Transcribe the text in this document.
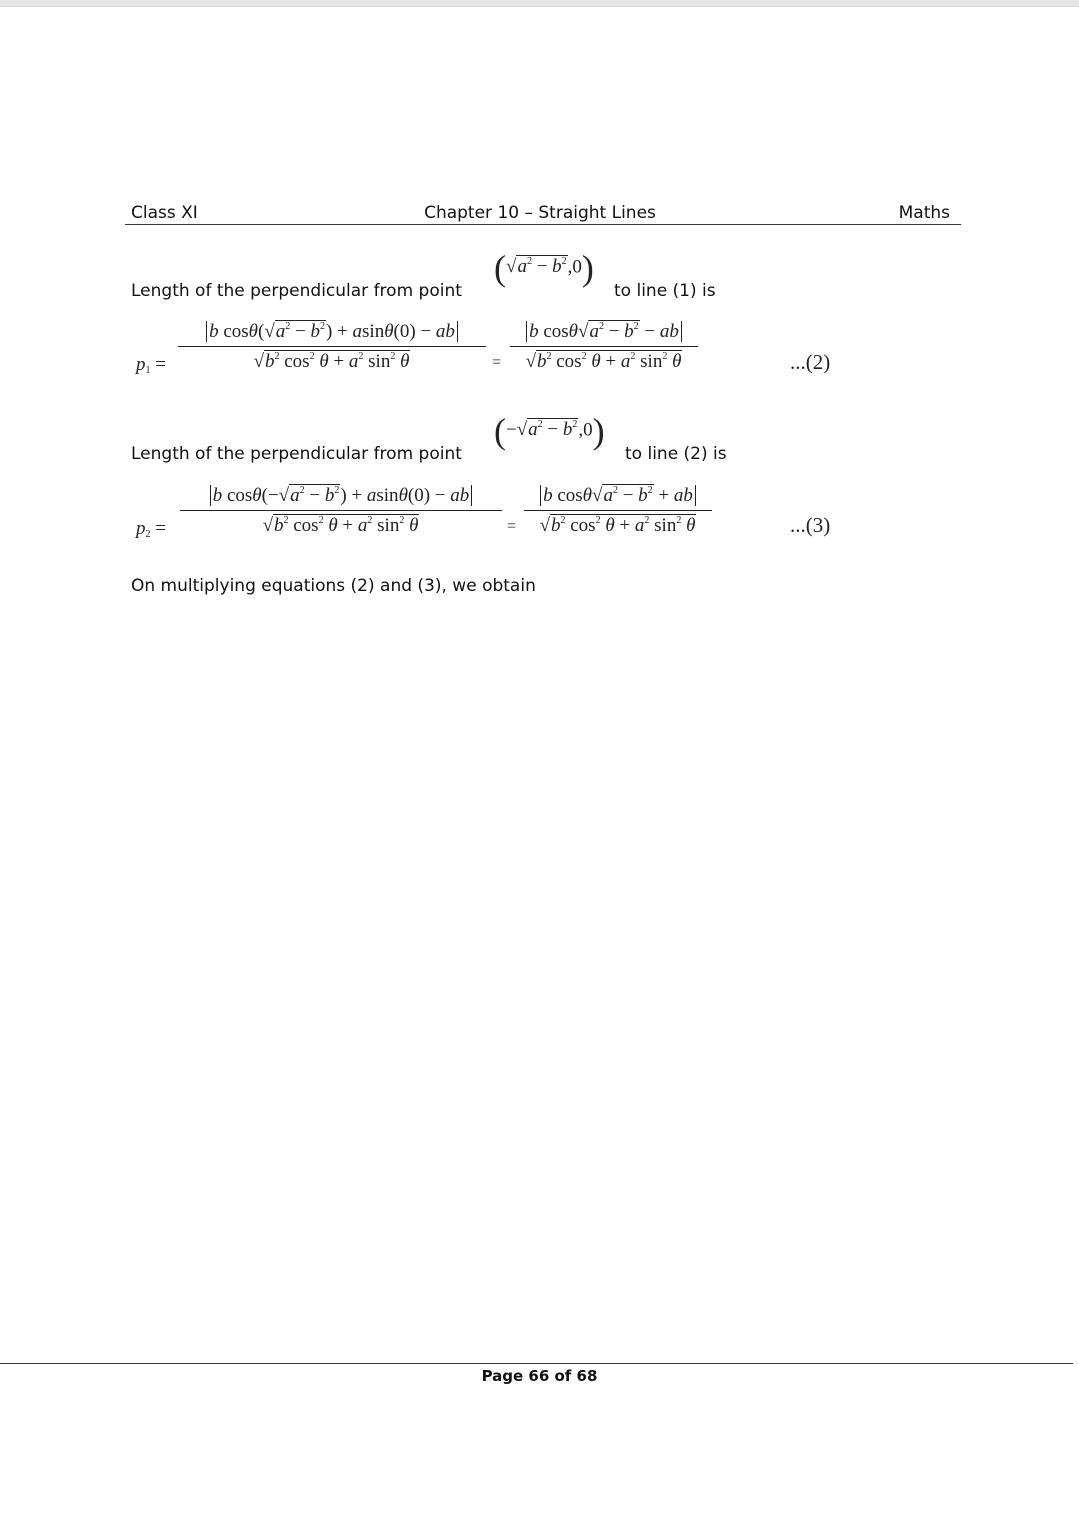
Class XI	Chapter 10 – Straight Lines	Maths
Length of the perpendicular from point
$(√a^2 - b^2,0)$
to line (1) is
$p_1 = \frac{b \cos\theta(√a^2 - b^2) + asin\theta(0) - ab}{√b^2 \cos^2 \theta + a^2 \sin^2 \theta} = \frac{b \cos\theta√a^2 - b^2 - ab}{√b^2 \cos^2 \theta + a^2 \sin^2 \theta}$	...(2)
Length of the perpendicular from point
$(-√a^2 - b^2,0)$
to line (2) is
$p_2 = \frac{b \cos\theta(-√a^2 - b^2) + asin\theta(0) - ab}{√b^2 \cos^2 \theta + a^2 \sin^2 \theta} = \frac{b \cos\theta√a^2 - b^2 + ab}{√b^2 \cos^2 \theta + a^2 \sin^2 \theta}$	...(3)
On multiplying equations (2) and (3), we obtain
Page 66 of 68
